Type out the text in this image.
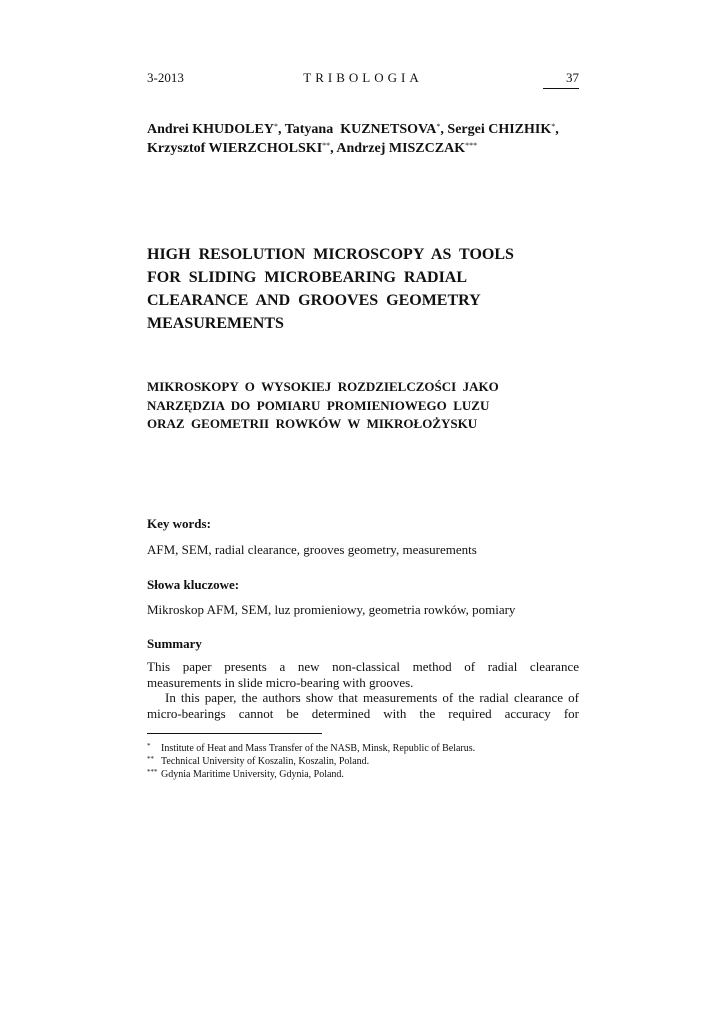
3-2013	TRIBOLOGIA	37
Andrei KHUDOLEY*, Tatyana  KUZNETSOVA*, Sergei CHIZHIK*,
Krzysztof WIERZCHOLSKI**, Andrzej MISZCZAK***
HIGH  RESOLUTION  MICROSCOPY  AS  TOOLS
FOR  SLIDING  MICROBEARING  RADIAL
CLEARANCE  AND  GROOVES  GEOMETRY
MEASUREMENTS
MIKROSKOPY  O  WYSOKIEJ  ROZDZIELCZOŚCI  JAKO
NARZĘDZIA  DO  POMIARU  PROMIENIOWEGO  LUZU
ORAZ  GEOMETRII  ROWKÓW  W  MIKROŁOŻYSKU
Key words:
AFM, SEM, radial clearance, grooves geometry, measurements
Słowa kluczowe:
Mikroskop AFM, SEM, luz promieniowy, geometria rowków, pomiary
Summary
This paper presents a new non-classical method of radial clearance
measurements in slide micro-bearing with grooves.
In this paper, the authors show that measurements of the radial clearance of
micro-bearings cannot be determined with the required accuracy for
* Institute of Heat and Mass Transfer of the NASB, Minsk, Republic of Belarus.
** Technical University of Koszalin, Koszalin, Poland.
*** Gdynia Maritime University, Gdynia, Poland.
